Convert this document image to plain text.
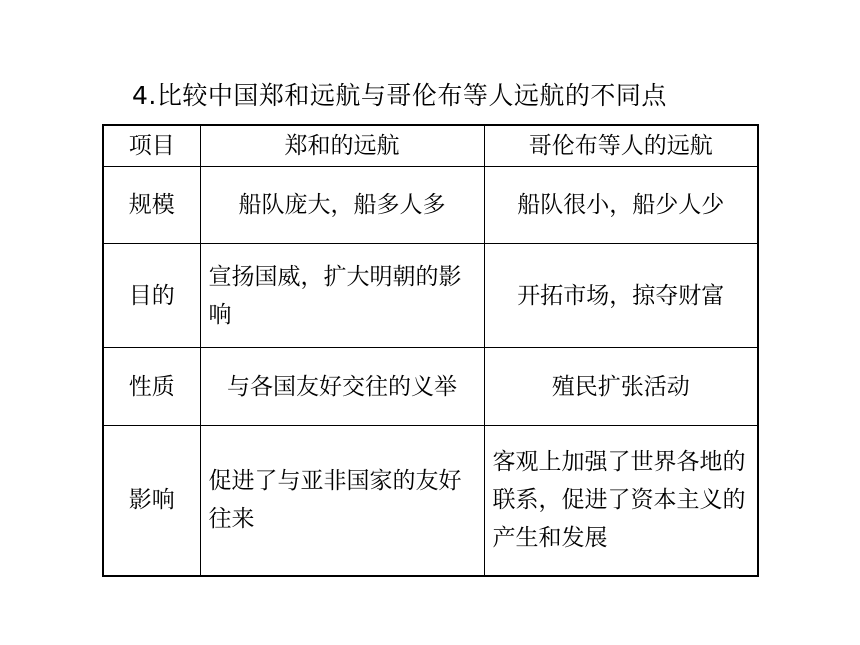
4.比较中国郑和远航与哥伦布等人远航的不同点
项目	郑和的远航	哥伦布等人的远航
规模	船队庞大，船多人多	船队很小，船少人少
目的	宣扬国威，扩大明朝的影响	开拓市场，掠夺财富
性质	与各国友好交往的义举	殖民扩张活动
影响	促进了与亚非国家的友好往来	客观上加强了世界各地的联系，促进了资本主义的产生和发展
